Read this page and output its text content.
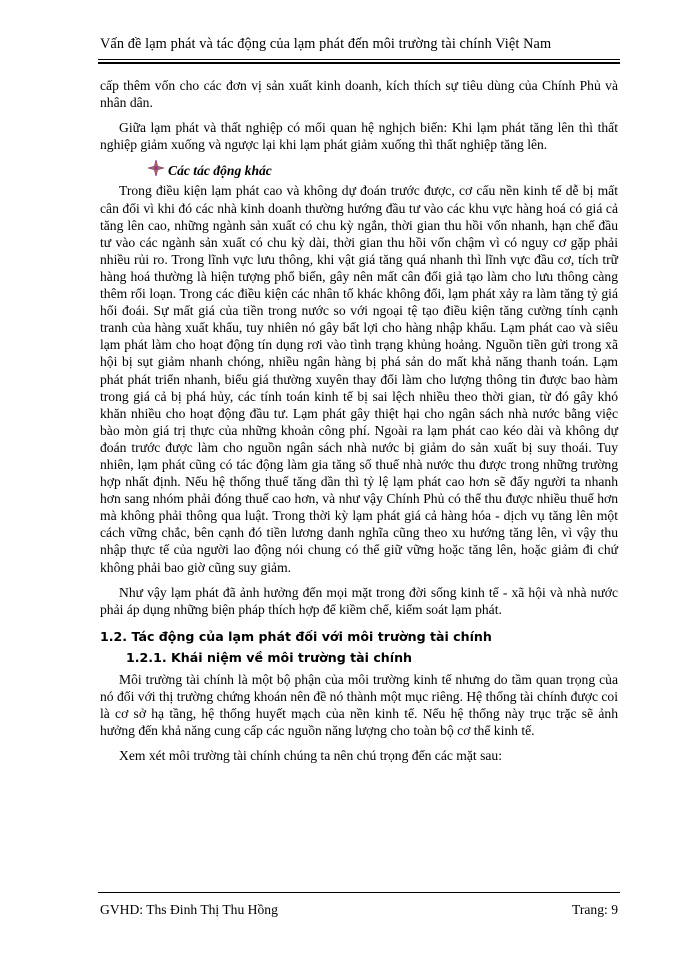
Vấn đề lạm phát và tác động của lạm phát đến môi trường tài chính Việt Nam

cấp thêm vốn cho các đơn vị sản xuất kinh doanh, kích thích sự tiêu dùng của Chính Phủ và nhân dân.

Giữa lạm phát và thất nghiệp có mối quan hệ nghịch biến: Khi lạm phát tăng lên thì thất nghiệp giảm xuống và ngược lại khi lạm phát giảm xuống thì thất nghiệp tăng lên.

Các tác động khác

Trong điều kiện lạm phát cao và không dự đoán trước được, cơ cấu nền kinh tế dễ bị mất cân đối vì khi đó các nhà kinh doanh thường hướng đầu tư vào các khu vực hàng hoá có giá cả tăng lên cao, những ngành sản xuất có chu kỳ ngắn, thời gian thu hồi vốn nhanh, hạn chế đầu tư vào các ngành sản xuất có chu kỳ dài, thời gian thu hồi vốn chậm vì có nguy cơ gặp phải nhiều rủi ro. Trong lĩnh vực lưu thông, khi vật giá tăng quá nhanh thì lĩnh vực đầu cơ, tích trữ hàng hoá thường là hiện tượng phổ biến, gây nên mất cân đối giả tạo làm cho lưu thông càng thêm rối loạn. Trong các điều kiện các nhân tố khác không đổi, lạm phát xảy ra làm tăng tỷ giá hối đoái. Sự mất giá của tiền trong nước so với ngoại tệ tạo điều kiện tăng cường tính cạnh tranh của hàng xuất khẩu, tuy nhiên nó gây bất lợi cho hàng nhập khẩu. Lạm phát cao và siêu lạm phát làm cho hoạt động tín dụng rơi vào tình trạng khủng hoảng. Nguồn tiền gửi trong xã hội bị sụt giảm nhanh chóng, nhiều ngân hàng bị phá sản do mất khả năng thanh toán. Lạm phát phát triển nhanh, biểu giá thường xuyên thay đổi làm cho lượng thông tin được bao hàm trong giá cả bị phá hủy, các tính toán kinh tế bị sai lệch nhiều theo thời gian, từ đó gây khó khăn nhiều cho hoạt động đầu tư. Lạm phát gây thiệt hại cho ngân sách nhà nước bằng việc bào mòn giá trị thực của những khoản công phí. Ngoài ra lạm phát cao kéo dài và không dự đoán trước được làm cho nguồn ngân sách nhà nước bị giảm do sản xuất bị suy thoái. Tuy nhiên, lạm phát cũng có tác động làm gia tăng số thuế nhà nước thu được trong những trường hợp nhất định. Nếu hệ thống thuế tăng dần thì tỷ lệ lạm phát cao hơn sẽ đẩy người ta nhanh hơn sang nhóm phải đóng thuế cao hơn, và như vậy Chính Phủ có thể thu được nhiều thuế hơn mà không phải thông qua luật. Trong thời kỳ lạm phát giá cả hàng hóa - dịch vụ tăng lên một cách vững chắc, bên cạnh đó tiền lương danh nghĩa cũng theo xu hướng tăng lên, vì vậy thu nhập thực tế của người lao động nói chung có thể giữ vững hoặc tăng lên, hoặc giảm đi chứ không phải bao giờ cũng suy giảm.

Như vậy lạm phát đã ảnh hưởng đến mọi mặt trong đời sống kinh tế - xã hội và nhà nước phải áp dụng những biện pháp thích hợp để kiềm chế, kiểm soát lạm phát.

1.2. Tác động của lạm phát đối với môi trường tài chính
1.2.1. Khái niệm về môi trường tài chính

Môi trường tài chính là một bộ phận của môi trường kinh tế nhưng do tầm quan trọng của nó đối với thị trường chứng khoán nên đề nó thành một mục riêng. Hệ thống tài chính được coi là cơ sở hạ tầng, hệ thống huyết mạch của nền kinh tế. Nếu hệ thống này trục trặc sẽ ảnh hưởng đến khả năng cung cấp các nguồn năng lượng cho toàn bộ cơ thể kinh tế.

Xem xét môi trường tài chính chúng ta nên chú trọng đến các mặt sau:

GVHD: Ths Đinh Thị Thu Hồng	Trang: 9
